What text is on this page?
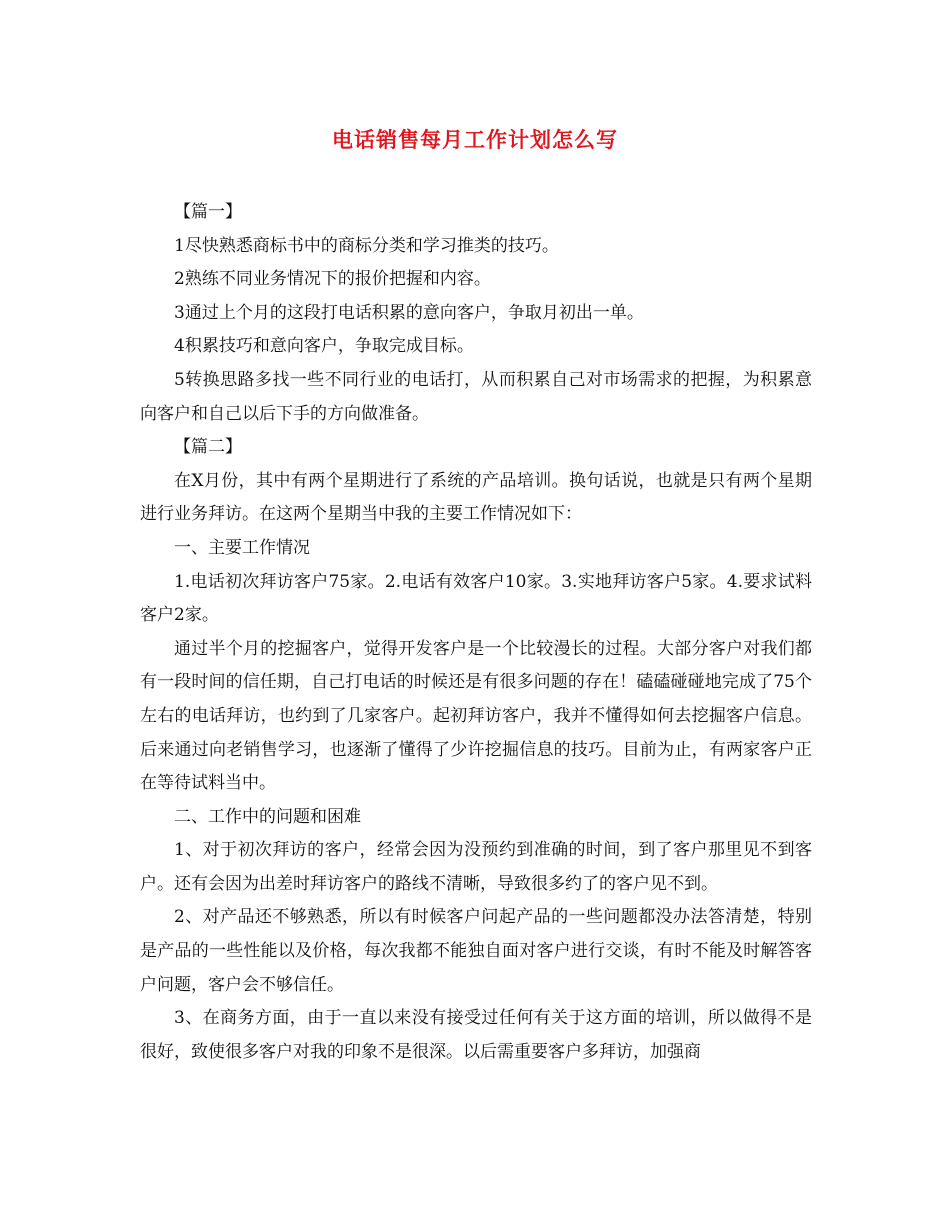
电话销售每月工作计划怎么写

【篇一】

1尽快熟悉商标书中的商标分类和学习推类的技巧。

2熟练不同业务情况下的报价把握和内容。

3通过上个月的这段打电话积累的意向客户，争取月初出一单。

4积累技巧和意向客户，争取完成目标。

5转换思路多找一些不同行业的电话打，从而积累自己对市场需求的把握，为积累意向客户和自己以后下手的方向做准备。

【篇二】

在X月份，其中有两个星期进行了系统的产品培训。换句话说，也就是只有两个星期进行业务拜访。在这两个星期当中我的主要工作情况如下：

一、主要工作情况

1.电话初次拜访客户75家。2.电话有效客户10家。3.实地拜访客户5家。4.要求试料客户2家。

通过半个月的挖掘客户，觉得开发客户是一个比较漫长的过程。大部分客户对我们都有一段时间的信任期，自己打电话的时候还是有很多问题的存在！磕磕碰碰地完成了75个左右的电话拜访，也约到了几家客户。起初拜访客户，我并不懂得如何去挖掘客户信息。后来通过向老销售学习，也逐渐了懂得了少许挖掘信息的技巧。目前为止，有两家客户正在等待试料当中。

二、工作中的问题和困难

1、对于初次拜访的客户，经常会因为没预约到准确的时间，到了客户那里见不到客户。还有会因为出差时拜访客户的路线不清晰，导致很多约了的客户见不到。

2、对产品还不够熟悉，所以有时候客户问起产品的一些问题都没办法答清楚，特别是产品的一些性能以及价格，每次我都不能独自面对客户进行交谈，有时不能及时解答客户问题，客户会不够信任。

3、在商务方面，由于一直以来没有接受过任何有关于这方面的培训，所以做得不是很好，致使很多客户对我的印象不是很深。以后需重要客户多拜访，加强商
